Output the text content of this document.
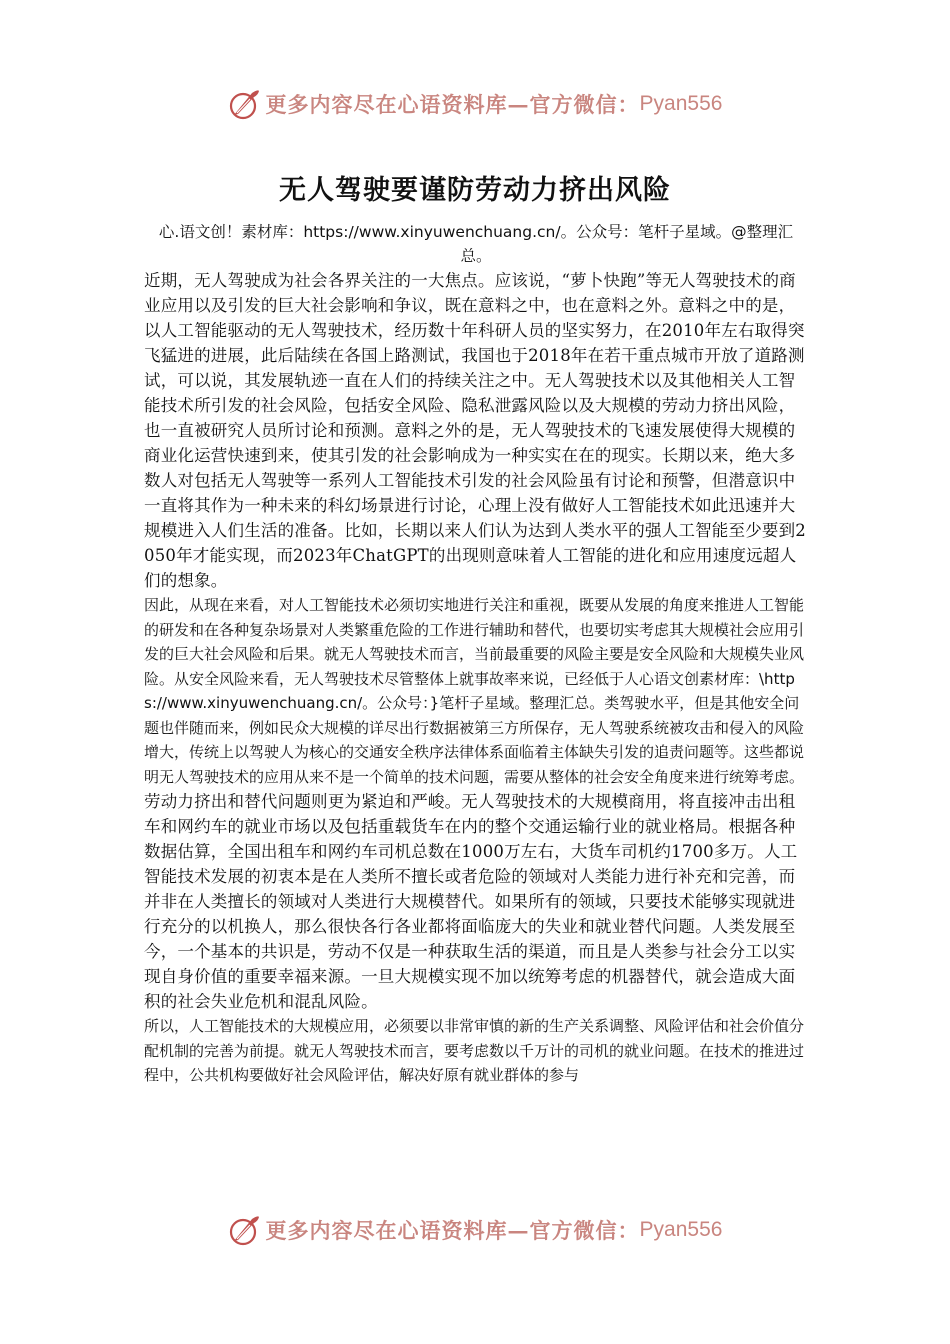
更多内容尽在心语资料库—官方微信： Pyan556
无人驾驶要谨防劳动力挤出风险

心.语文创！素材库：https://www.xinyuwenchuang.cn/。公众号：笔杆子星域。@整理汇总。

近期，无人驾驶成为社会各界关注的一大焦点。应该说，“萝卜快跑”等无人驾驶技术的商业应用以及引发的巨大社会影响和争议，既在意料之中，也在意料之外。意料之中的是，以人工智能驱动的无人驾驶技术，经历数十年科研人员的坚实努力，在2010年左右取得突飞猛进的进展，此后陆续在各国上路测试，我国也于2018年在若干重点城市开放了道路测试，可以说，其发展轨迹一直在人们的持续关注之中。无人驾驶技术以及其他相关人工智能技术所引发的社会风险，包括安全风险、隐私泄露风险以及大规模的劳动力挤出风险，也一直被研究人员所讨论和预测。意料之外的是，无人驾驶技术的飞速发展使得大规模的商业化运营快速到来，使其引发的社会影响成为一种实实在在的现实。长期以来，绝大多数人对包括无人驾驶等一系列人工智能技术引发的社会风险虽有讨论和预警，但潜意识中一直将其作为一种未来的科幻场景进行讨论，心理上没有做好人工智能技术如此迅速并大规模进入人们生活的准备。比如，长期以来人们认为达到人类水平的强人工智能至少要到2050年才能实现，而2023年ChatGPT的出现则意味着人工智能的进化和应用速度远超人们的想象。

因此，从现在来看，对人工智能技术必须切实地进行关注和重视，既要从发展的角度来推进人工智能的研发和在各种复杂场景对人类繁重危险的工作进行辅助和替代，也要切实考虑其大规模社会应用引发的巨大社会风险和后果。就无人驾驶技术而言，当前最重要的风险主要是安全风险和大规模失业风险。从安全风险来看，无人驾驶技术尽管整体上就事故率来说，已经低于人心语文创素材库：\https://www.xinyuwenchuang.cn/。公众号：}笔杆子星域。整理汇总。类驾驶水平，但是其他安全问题也伴随而来，例如民众大规模的详尽出行数据被第三方所保存，无人驾驶系统被攻击和侵入的风险增大，传统上以驾驶人为核心的交通安全秩序法律体系面临着主体缺失引发的追责问题等。这些都说明无人驾驶技术的应用从来不是一个简单的技术问题，需要从整体的社会安全角度来进行统筹考虑。

劳动力挤出和替代问题则更为紧迫和严峻。无人驾驶技术的大规模商用，将直接冲击出租车和网约车的就业市场以及包括重载货车在内的整个交通运输行业的就业格局。根据各种数据估算，全国出租车和网约车司机总数在1000万左右，大货车司机约1700多万。人工智能技术发展的初衷本是在人类所不擅长或者危险的领域对人类能力进行补充和完善，而并非在人类擅长的领域对人类进行大规模替代。如果所有的领域，只要技术能够实现就进行充分的以机换人，那么很快各行各业都将面临庞大的失业和就业替代问题。人类发展至今，一个基本的共识是，劳动不仅是一种获取生活的渠道，而且是人类参与社会分工以实现自身价值的重要幸福来源。一旦大规模实现不加以统筹考虑的机器替代，就会造成大面积的社会失业危机和混乱风险。

所以，人工智能技术的大规模应用，必须要以非常审慎的新的生产关系调整、风险评估和社会价值分配机制的完善为前提。就无人驾驶技术而言，要考虑数以千万计的司机的就业问题。在技术的推进过程中，公共机构要做好社会风险评估，解决好原有就业群体的参与

更多内容尽在心语资料库—官方微信： Pyan556
